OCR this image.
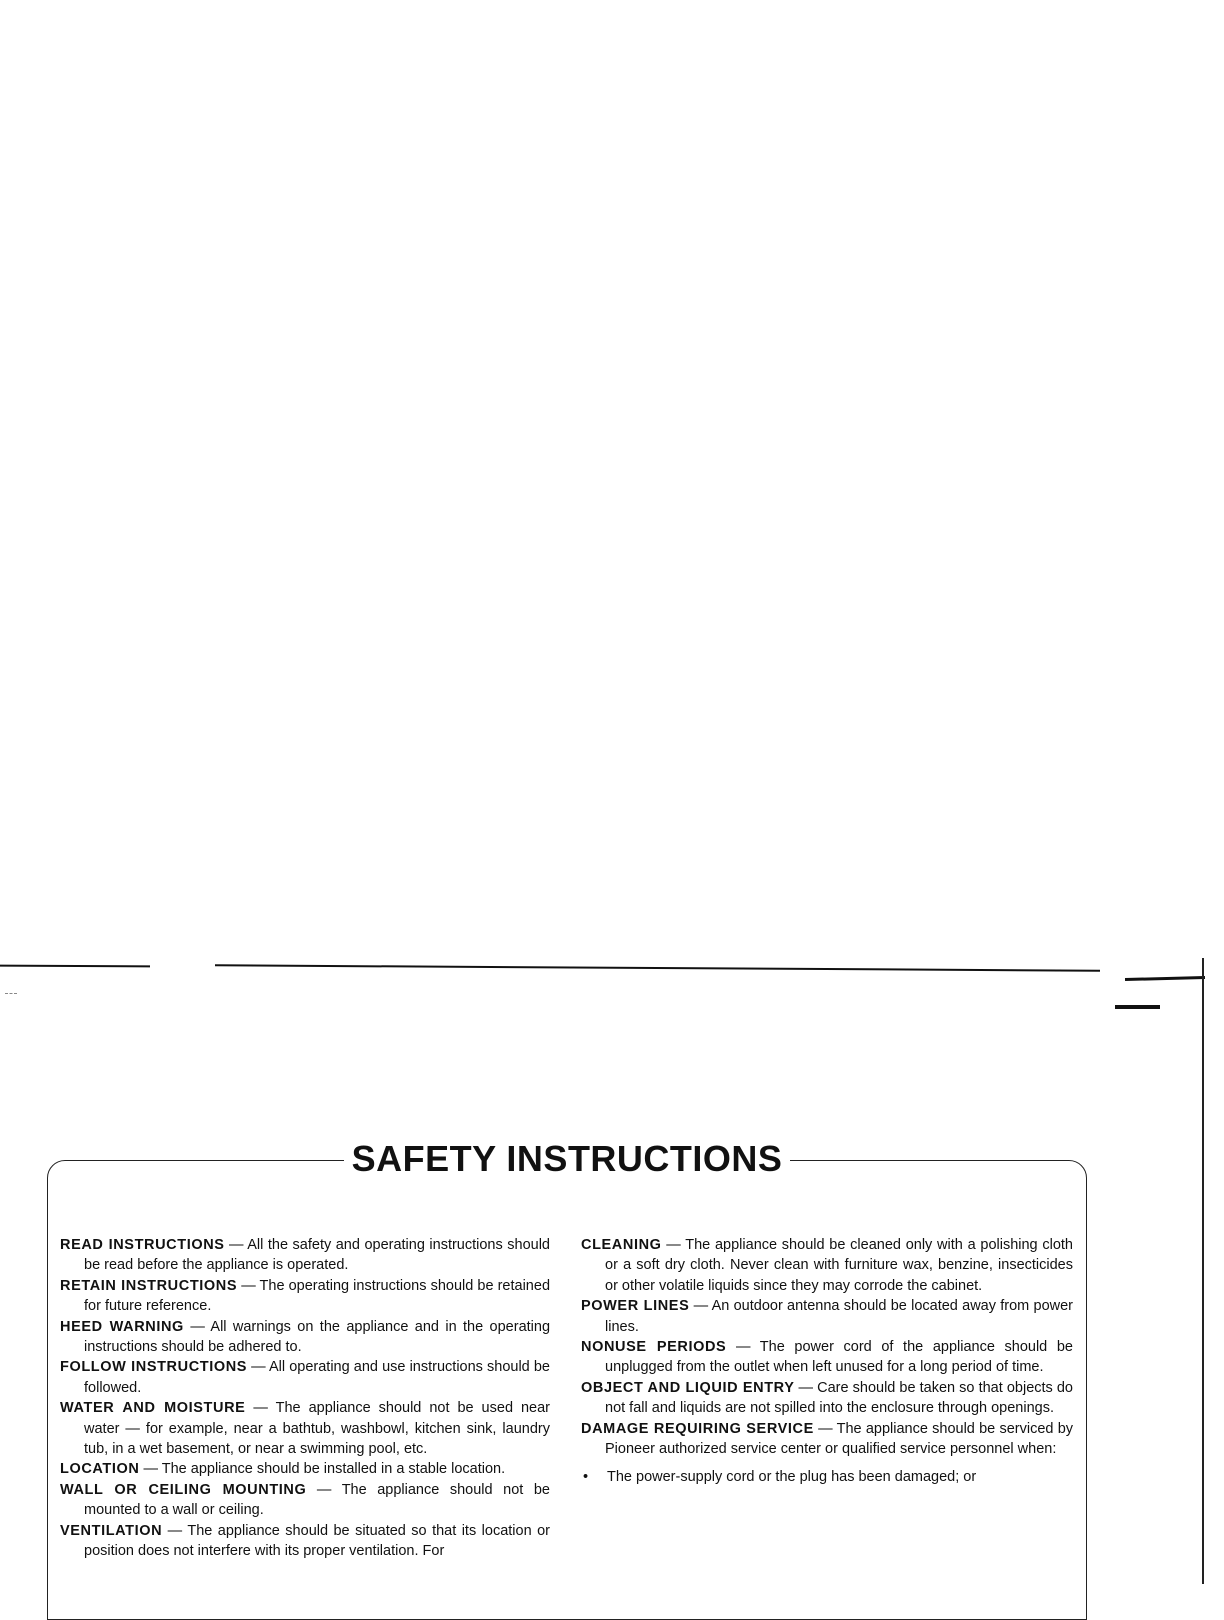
SAFETY INSTRUCTIONS

READ INSTRUCTIONS — All the safety and operating instructions should be read before the appliance is operated.

RETAIN INSTRUCTIONS — The operating instructions should be retained for future reference.

HEED WARNING — All warnings on the appliance and in the operating instructions should be adhered to.

FOLLOW INSTRUCTIONS — All operating and use instructions should be followed.

WATER AND MOISTURE — The appliance should not be used near water — for example, near a bathtub, washbowl, kitchen sink, laundry tub, in a wet basement, or near a swimming pool, etc.

LOCATION — The appliance should be installed in a stable location.

WALL OR CEILING MOUNTING — The appliance should not be mounted to a wall or ceiling.

VENTILATION — The appliance should be situated so that its location or position does not interfere with its proper ventilation. For

CLEANING — The appliance should be cleaned only with a polishing cloth or a soft dry cloth. Never clean with furniture wax, benzine, insecticides or other volatile liquids since they may corrode the cabinet.

POWER LINES — An outdoor antenna should be located away from power lines.

NONUSE PERIODS — The power cord of the appliance should be unplugged from the outlet when left unused for a long period of time.

OBJECT AND LIQUID ENTRY — Care should be taken so that objects do not fall and liquids are not spilled into the enclosure through openings.

DAMAGE REQUIRING SERVICE — The appliance should be serviced by Pioneer authorized service center or qualified service personnel when:

• The power-supply cord or the plug has been damaged; or
